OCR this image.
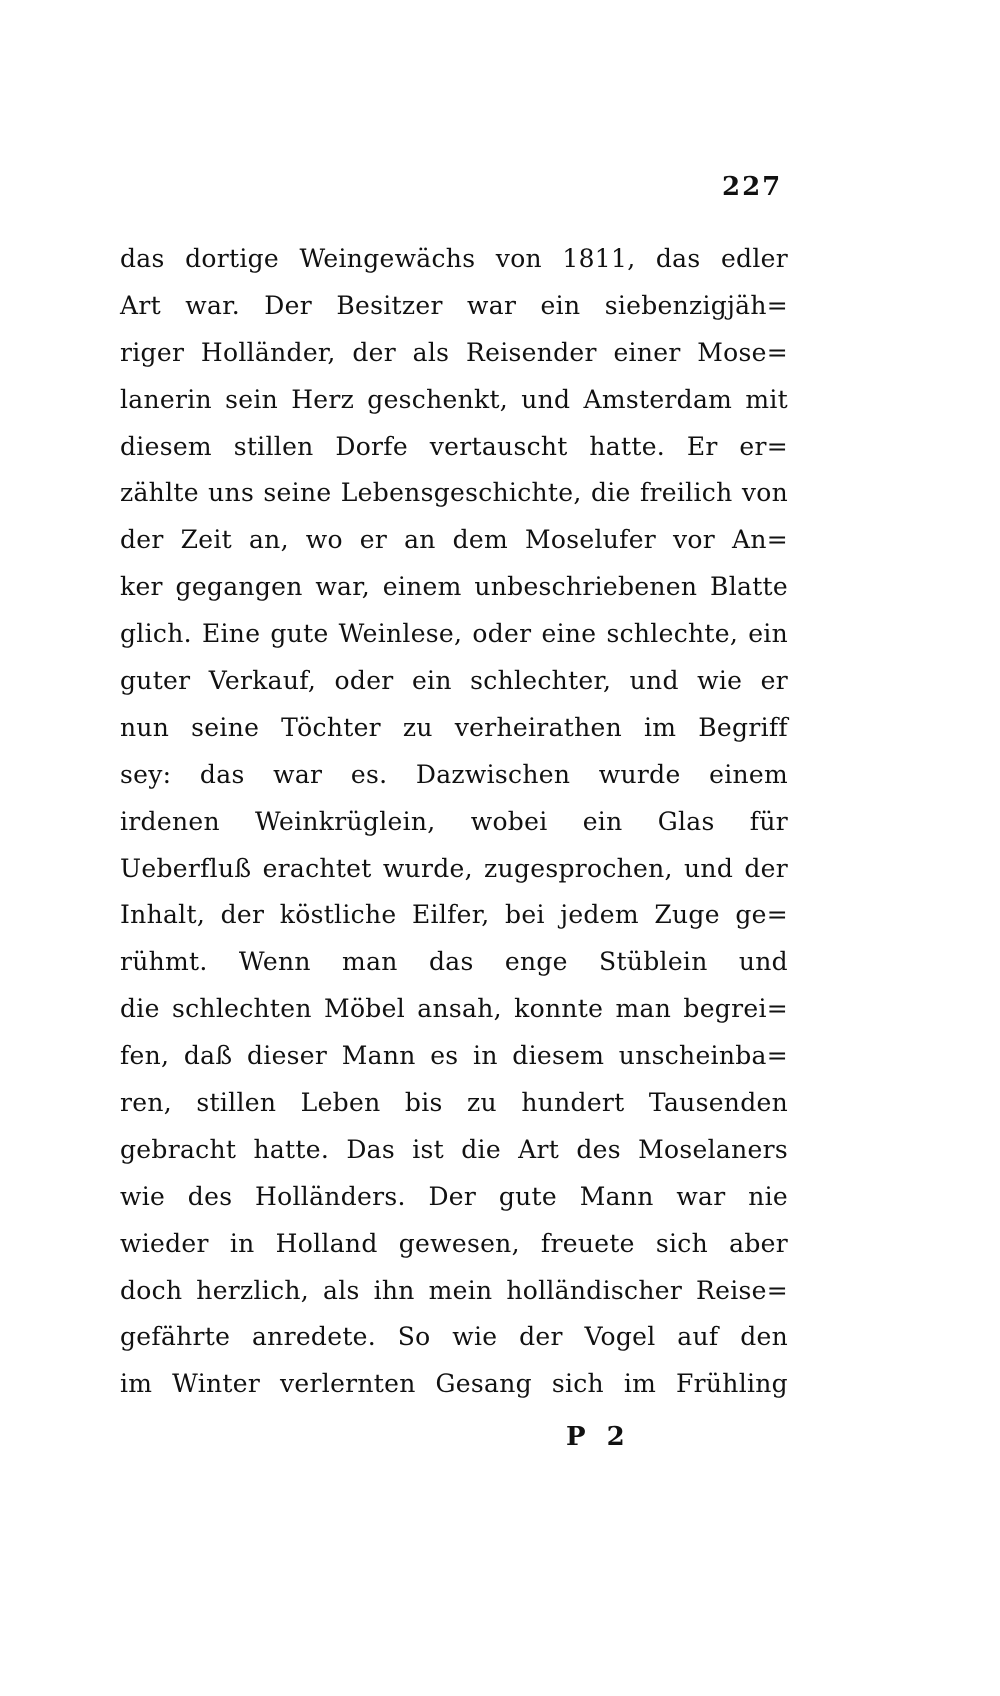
227
das dortige Weingewächs von 1811, das edler
Art war. Der Besitzer war ein siebenzigjäh=
riger Holländer, der als Reisender einer Mose=
lanerin sein Herz geschenkt, und Amsterdam mit
diesem stillen Dorfe vertauscht hatte. Er er=
zählte uns seine Lebensgeschichte, die freilich von
der Zeit an, wo er an dem Moselufer vor An=
ker gegangen war, einem unbeschriebenen Blatte
glich. Eine gute Weinlese, oder eine schlechte, ein
guter Verkauf, oder ein schlechter, und wie er
nun seine Töchter zu verheirathen im Begriff
sey: das war es. Dazwischen wurde einem
irdenen Weinkrüglein, wobei ein Glas für
Ueberfluß erachtet wurde, zugesprochen, und der
Inhalt, der köstliche Eilfer, bei jedem Zuge ge=
rühmt. Wenn man das enge Stüblein und
die schlechten Möbel ansah, konnte man begrei=
fen, daß dieser Mann es in diesem unscheinba=
ren, stillen Leben bis zu hundert Tausenden
gebracht hatte. Das ist die Art des Moselaners
wie des Holländers. Der gute Mann war nie
wieder in Holland gewesen, freuete sich aber
doch herzlich, als ihn mein holländischer Reise=
gefährte anredete. So wie der Vogel auf den
im Winter verlernten Gesang sich im Frühling
P 2
